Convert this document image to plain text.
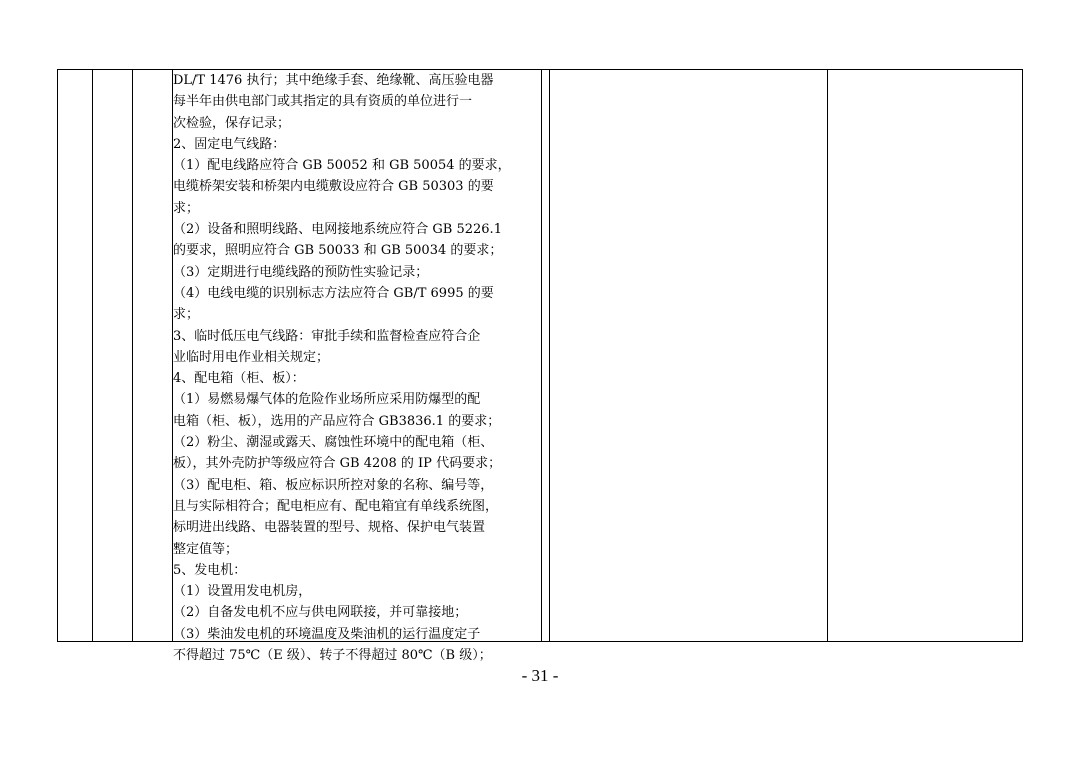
DL/T 1476 执行；其中绝缘手套、绝缘靴、高压验电器
每半年由供电部门或其指定的具有资质的单位进行一
次检验，保存记录；
2、固定电气线路：
（1）配电线路应符合 GB 50052 和 GB 50054 的要求，
电缆桥架安装和桥架内电缆敷设应符合 GB 50303 的要
求；
（2）设备和照明线路、电网接地系统应符合 GB 5226.1
的要求，照明应符合 GB 50033 和 GB 50034 的要求；
（3）定期进行电缆线路的预防性实验记录；
（4）电线电缆的识别标志方法应符合 GB/T 6995 的要
求；
3、临时低压电气线路：审批手续和监督检查应符合企
业临时用电作业相关规定；
4、配电箱（柜、板）：
（1）易燃易爆气体的危险作业场所应采用防爆型的配
电箱（柜、板），选用的产品应符合 GB3836.1 的要求；
（2）粉尘、潮湿或露天、腐蚀性环境中的配电箱（柜、
板），其外壳防护等级应符合 GB 4208 的 IP 代码要求；
（3）配电柜、箱、板应标识所控对象的名称、编号等，
且与实际相符合；配电柜应有、配电箱宜有单线系统图，
标明进出线路、电器装置的型号、规格、保护电气装置
整定值等；
5、发电机：
（1）设置用发电机房，
（2）自备发电机不应与供电网联接，并可靠接地；
（3）柴油发电机的环境温度及柴油机的运行温度定子
不得超过 75℃（E 级）、转子不得超过 80℃（B 级）；
- 31 -
